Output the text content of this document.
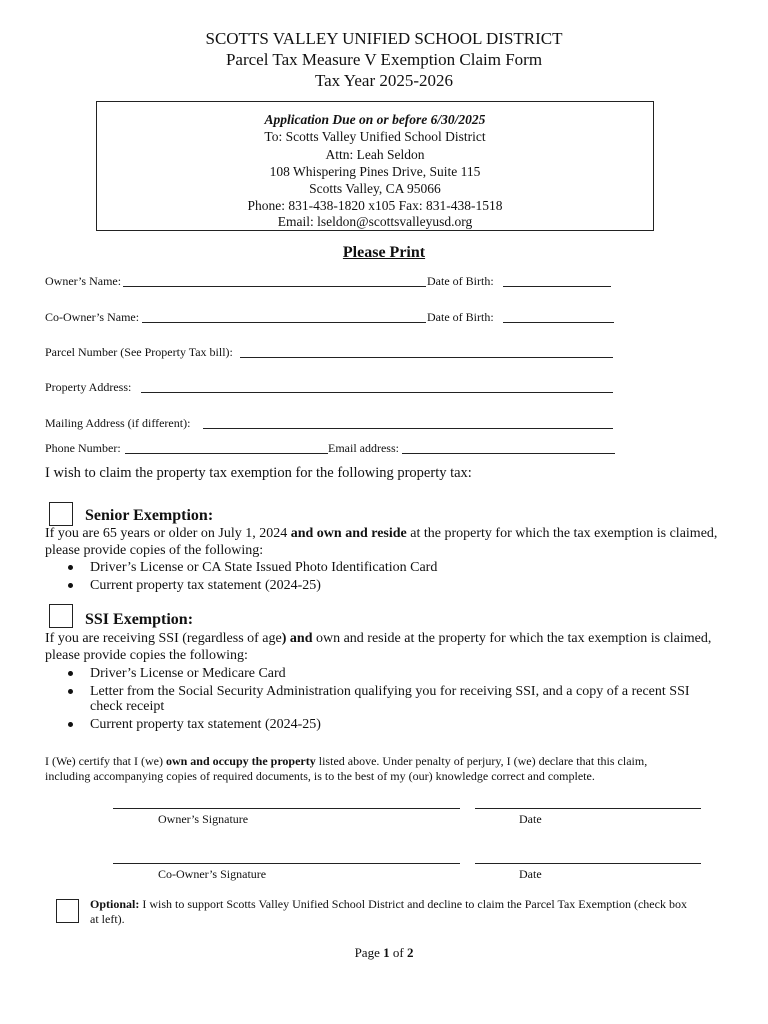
SCOTTS VALLEY UNIFIED SCHOOL DISTRICT
Parcel Tax Measure V Exemption Claim Form
Tax Year 2025-2026
Application Due on or before 6/30/2025
To: Scotts Valley Unified School District
Attn: Leah Seldon
108 Whispering Pines Drive, Suite 115
Scotts Valley, CA 95066
Phone: 831-438-1820 x105 Fax: 831-438-1518
Email: lseldon@scottsvalleyusd.org
Please Print
Owner’s Name:	Date of Birth:
Co-Owner’s Name:	Date of Birth:
Parcel Number (See Property Tax bill):
Property Address:
Mailing Address (if different):
Phone Number:	Email address:
I wish to claim the property tax exemption for the following property tax:
Senior Exemption:
If you are 65 years or older on July 1, 2024 and own and reside at the property for which the tax exemption is claimed,
please provide copies of the following:
Driver’s License or CA State Issued Photo Identification Card
Current property tax statement (2024-25)
SSI Exemption:
If you are receiving SSI (regardless of age) and own and reside at the property for which the tax exemption is claimed,
please provide copies the following:
Driver’s License or Medicare Card
Letter from the Social Security Administration qualifying you for receiving SSI, and a copy of a recent SSI
check receipt
Current property tax statement (2024-25)
I (We) certify that I (we) own and occupy the property listed above. Under penalty of perjury, I (we) declare that this claim,
including accompanying copies of required documents, is to the best of my (our) knowledge correct and complete.
Owner’s Signature	Date
Co-Owner’s Signature	Date
Optional: I wish to support Scotts Valley Unified School District and decline to claim the Parcel Tax Exemption (check box
at left).
Page 1 of 2
